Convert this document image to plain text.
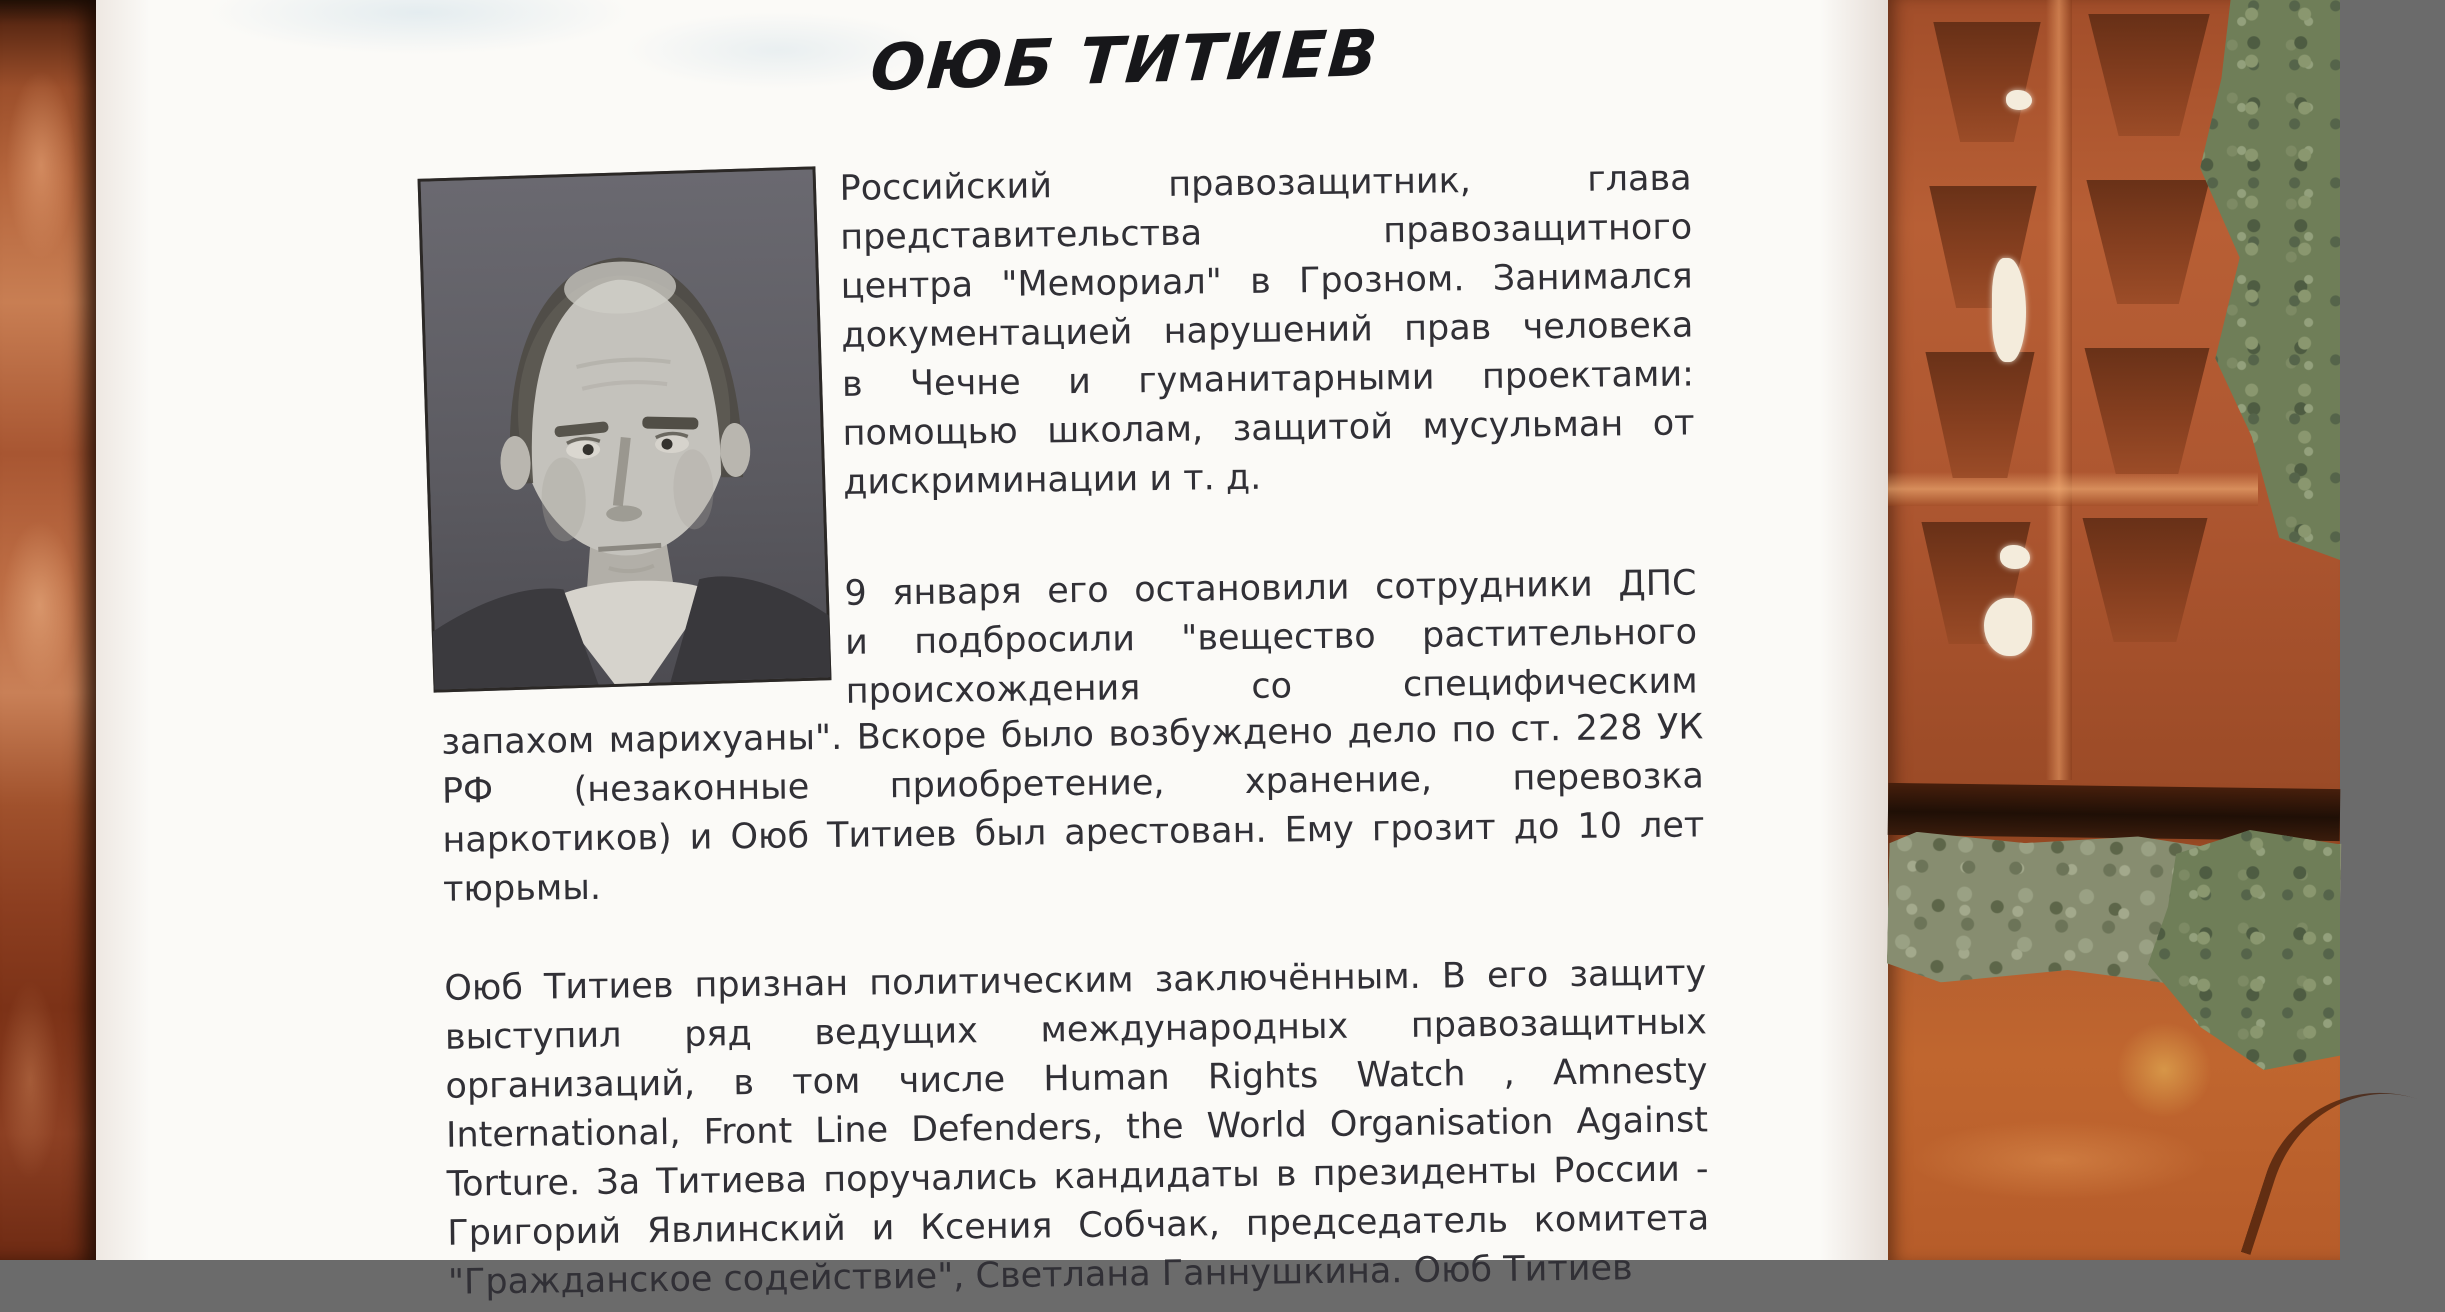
ОЮБ ТИТИЕВ
Российский	правозащитник,	глава
представительства	правозащитного
центра "Мемориал" в Грозном. Занимался
документацией нарушений прав человека
в Чечне и гуманитарными проектами:
помощью школам, защитой мусульман от
дискриминации и т. д.
9 января его остановили сотрудники ДПС
и подбросили "вещество растительного
происхождения	со	специфическим
запахом марихуаны". Вскоре было возбуждено дело по ст. 228 УК
РФ (незаконные приобретение, хранение, перевозка
наркотиков) и Оюб Титиев был арестован. Ему грозит до 10 лет
тюрьмы.
Оюб Титиев признан политическим заключённым. В его защиту
выступил ряд ведущих международных правозащитных
организаций, в том числе Human Rights Watch , Amnesty
International, Front Line Defenders, the World Organisation Against
Torture. За Титиева поручались кандидаты в президенты России -
Григорий Явлинский и Ксения Собчак, председатель комитета
"Гражданское содействие", Светлана Ганнушкина. Оюб Титиев
